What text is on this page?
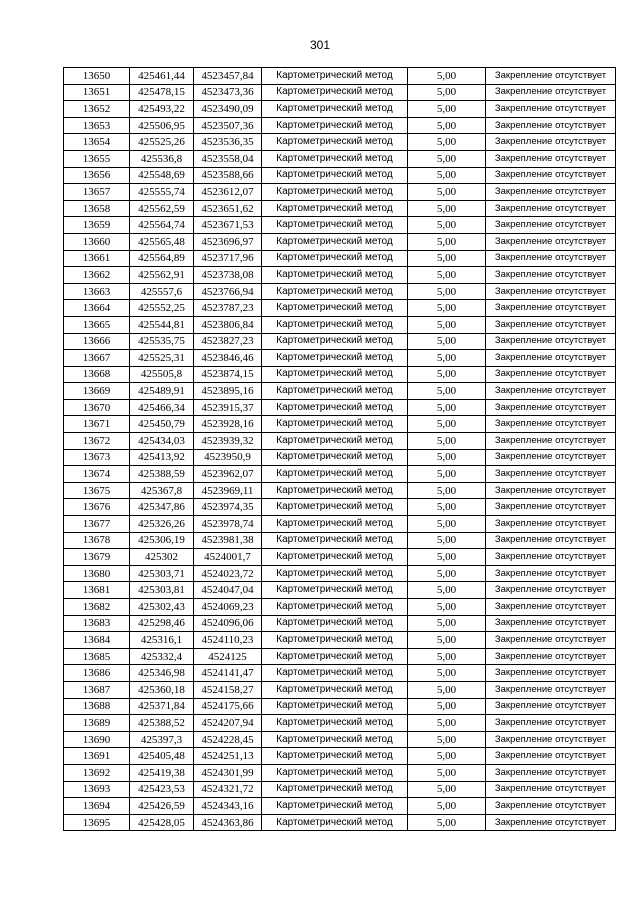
301
13650	425461,44	4523457,84	Картометрический метод	5,00	Закрепление отсутствует
13651	425478,15	4523473,36	Картометрический метод	5,00	Закрепление отсутствует
13652	425493,22	4523490,09	Картометрический метод	5,00	Закрепление отсутствует
13653	425506,95	4523507,36	Картометрический метод	5,00	Закрепление отсутствует
13654	425525,26	4523536,35	Картометрический метод	5,00	Закрепление отсутствует
13655	425536,8	4523558,04	Картометрический метод	5,00	Закрепление отсутствует
13656	425548,69	4523588,66	Картометрический метод	5,00	Закрепление отсутствует
13657	425555,74	4523612,07	Картометрический метод	5,00	Закрепление отсутствует
13658	425562,59	4523651,62	Картометрический метод	5,00	Закрепление отсутствует
13659	425564,74	4523671,53	Картометрический метод	5,00	Закрепление отсутствует
13660	425565,48	4523696,97	Картометрический метод	5,00	Закрепление отсутствует
13661	425564,89	4523717,96	Картометрический метод	5,00	Закрепление отсутствует
13662	425562,91	4523738,08	Картометрический метод	5,00	Закрепление отсутствует
13663	425557,6	4523766,94	Картометрический метод	5,00	Закрепление отсутствует
13664	425552,25	4523787,23	Картометрический метод	5,00	Закрепление отсутствует
13665	425544,81	4523806,84	Картометрический метод	5,00	Закрепление отсутствует
13666	425535,75	4523827,23	Картометрический метод	5,00	Закрепление отсутствует
13667	425525,31	4523846,46	Картометрический метод	5,00	Закрепление отсутствует
13668	425505,8	4523874,15	Картометрический метод	5,00	Закрепление отсутствует
13669	425489,91	4523895,16	Картометрический метод	5,00	Закрепление отсутствует
13670	425466,34	4523915,37	Картометрический метод	5,00	Закрепление отсутствует
13671	425450,79	4523928,16	Картометрический метод	5,00	Закрепление отсутствует
13672	425434,03	4523939,32	Картометрический метод	5,00	Закрепление отсутствует
13673	425413,92	4523950,9	Картометрический метод	5,00	Закрепление отсутствует
13674	425388,59	4523962,07	Картометрический метод	5,00	Закрепление отсутствует
13675	425367,8	4523969,11	Картометрический метод	5,00	Закрепление отсутствует
13676	425347,86	4523974,35	Картометрический метод	5,00	Закрепление отсутствует
13677	425326,26	4523978,74	Картометрический метод	5,00	Закрепление отсутствует
13678	425306,19	4523981,38	Картометрический метод	5,00	Закрепление отсутствует
13679	425302	4524001,7	Картометрический метод	5,00	Закрепление отсутствует
13680	425303,71	4524023,72	Картометрический метод	5,00	Закрепление отсутствует
13681	425303,81	4524047,04	Картометрический метод	5,00	Закрепление отсутствует
13682	425302,43	4524069,23	Картометрический метод	5,00	Закрепление отсутствует
13683	425298,46	4524096,06	Картометрический метод	5,00	Закрепление отсутствует
13684	425316,1	4524110,23	Картометрический метод	5,00	Закрепление отсутствует
13685	425332,4	4524125	Картометрический метод	5,00	Закрепление отсутствует
13686	425346,98	4524141,47	Картометрический метод	5,00	Закрепление отсутствует
13687	425360,18	4524158,27	Картометрический метод	5,00	Закрепление отсутствует
13688	425371,84	4524175,66	Картометрический метод	5,00	Закрепление отсутствует
13689	425388,52	4524207,94	Картометрический метод	5,00	Закрепление отсутствует
13690	425397,3	4524228,45	Картометрический метод	5,00	Закрепление отсутствует
13691	425405,48	4524251,13	Картометрический метод	5,00	Закрепление отсутствует
13692	425419,38	4524301,99	Картометрический метод	5,00	Закрепление отсутствует
13693	425423,53	4524321,72	Картометрический метод	5,00	Закрепление отсутствует
13694	425426,59	4524343,16	Картометрический метод	5,00	Закрепление отсутствует
13695	425428,05	4524363,86	Картометрический метод	5,00	Закрепление отсутствует
